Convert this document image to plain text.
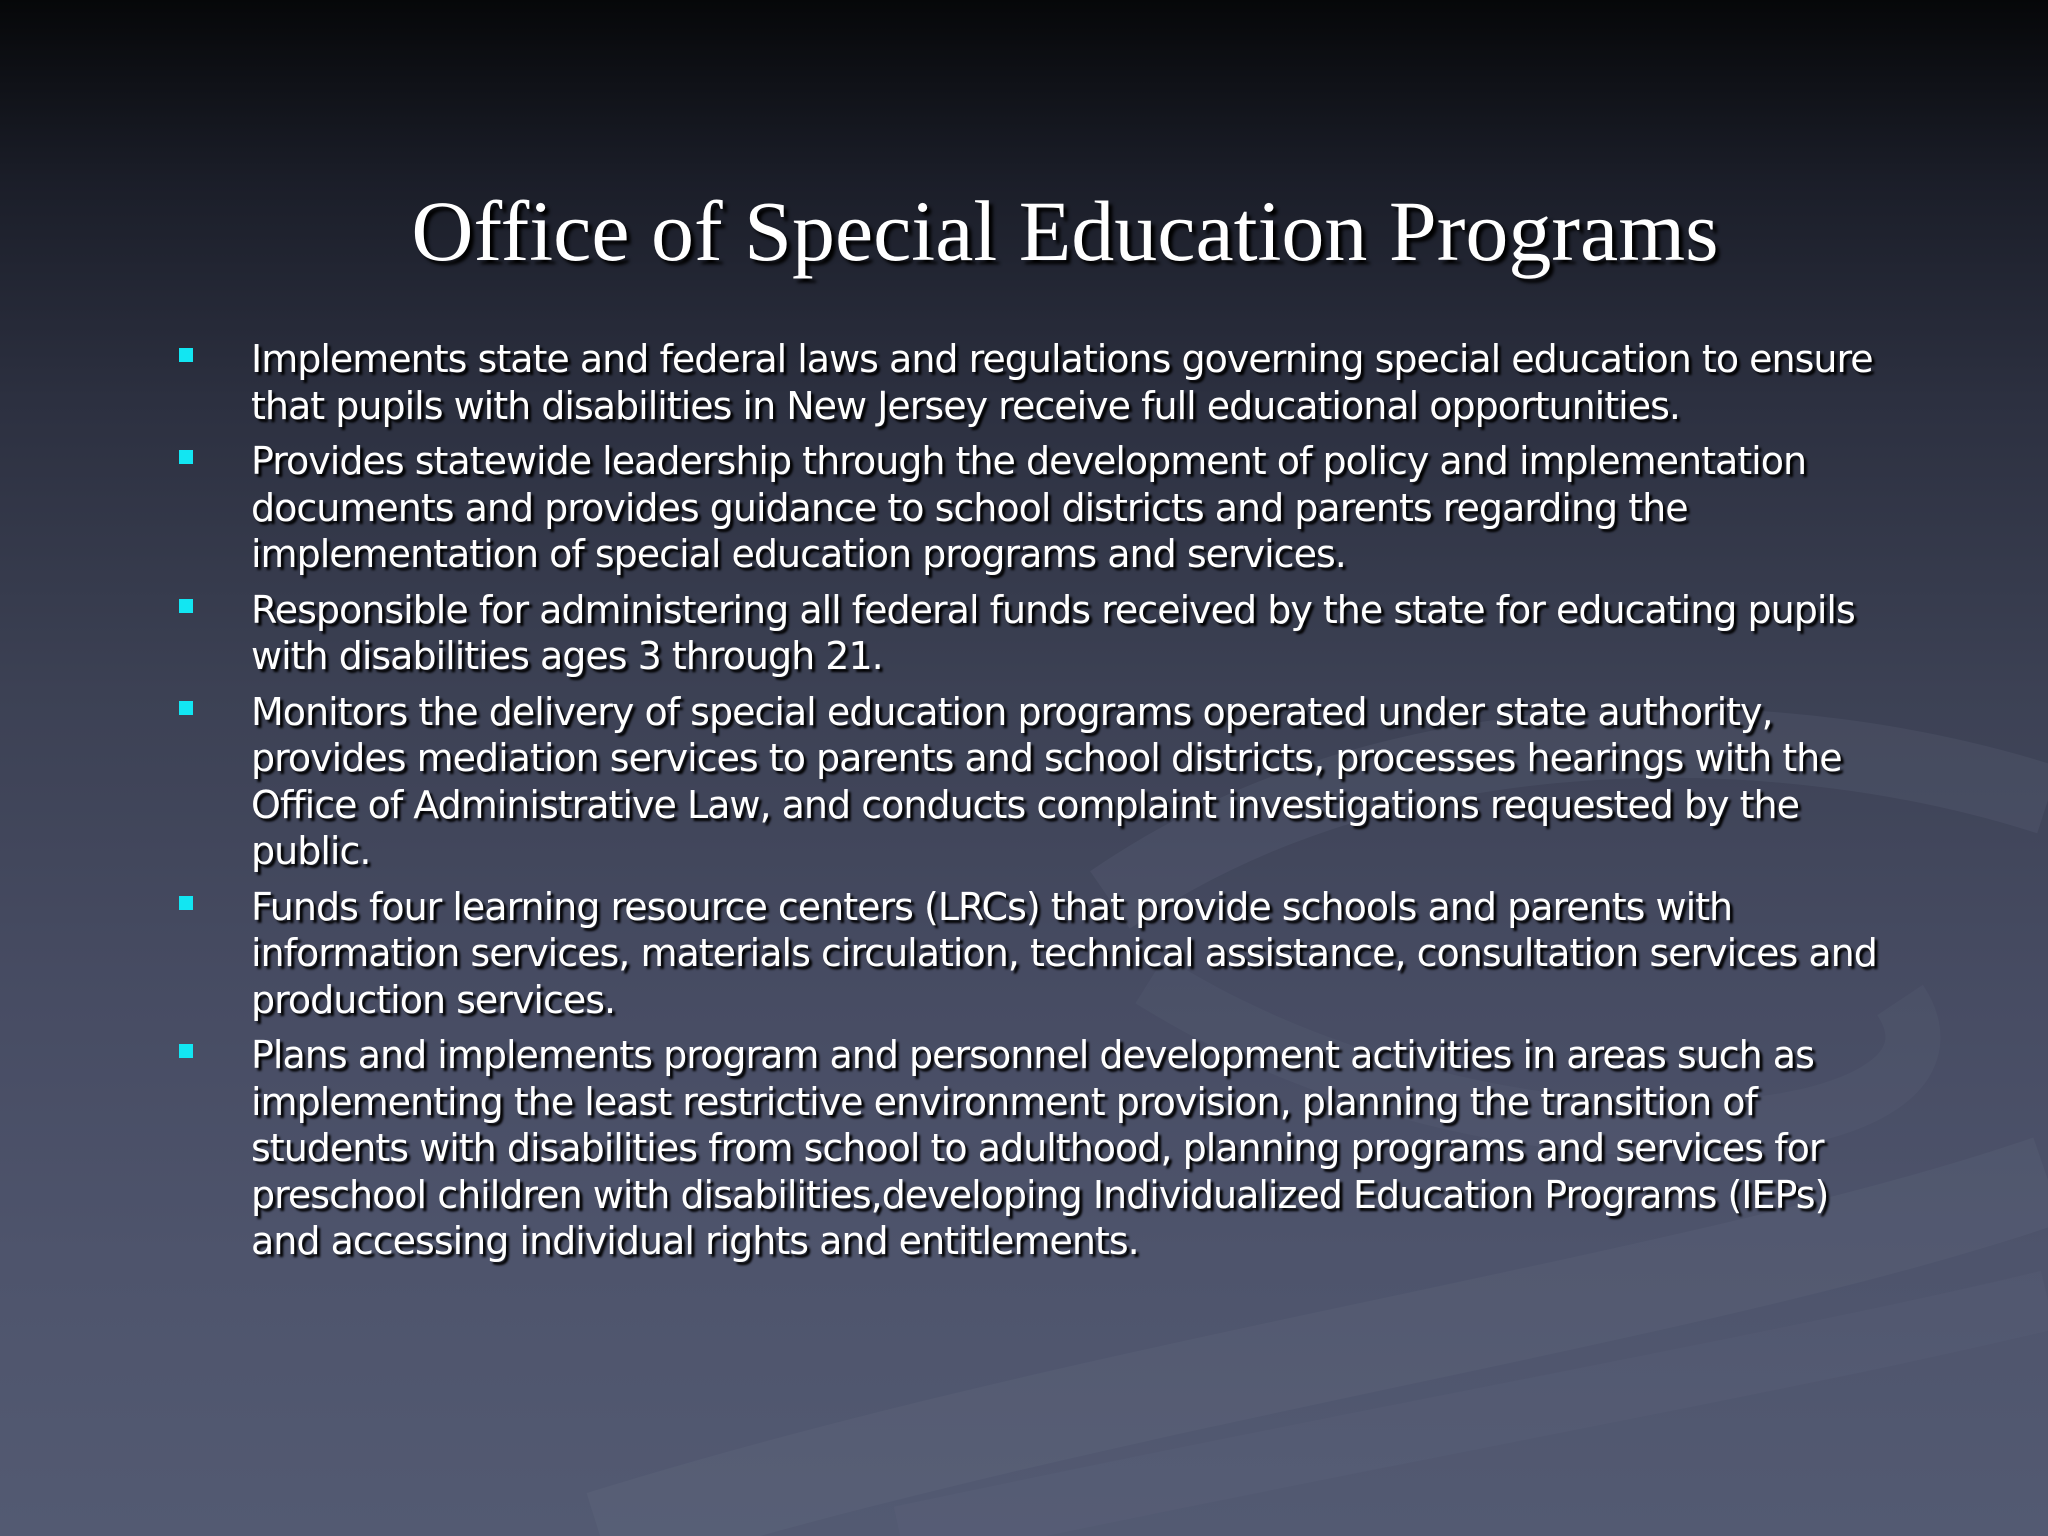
Office of Special Education Programs
Implements state and federal laws and regulations governing special education to ensure that pupils with disabilities in New Jersey receive full educational opportunities.
Provides statewide leadership through the development of policy and implementation documents and provides guidance to school districts and parents regarding the implementation of special education programs and services.
Responsible for administering all federal funds received by the state for educating pupils with disabilities ages 3 through 21.
Monitors the delivery of special education programs operated under state authority, provides mediation services to parents and school districts, processes hearings with the Office of Administrative Law, and conducts complaint investigations requested by the public.
Funds four learning resource centers (LRCs) that provide schools and parents with information services, materials circulation, technical assistance, consultation services and production services.
Plans and implements program and personnel development activities in areas such as implementing the least restrictive environment provision, planning the transition of students with disabilities from school to adulthood, planning programs and services for preschool children with disabilities,developing Individualized Education Programs (IEPs) and accessing individual rights and entitlements.
